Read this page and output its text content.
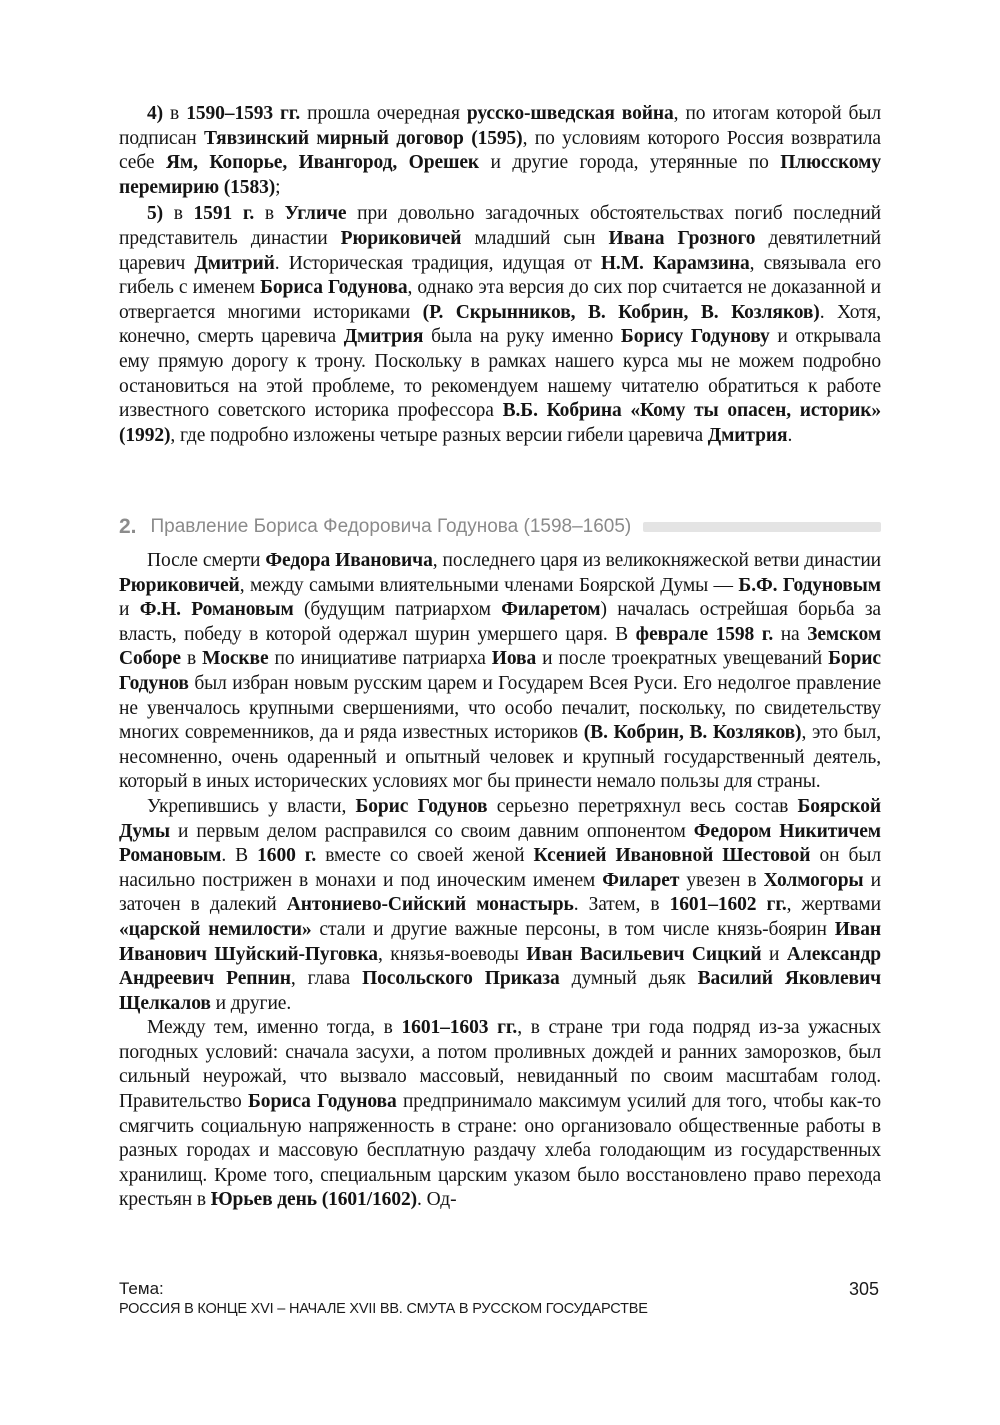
4) в 1590–1593 гг. прошла очередная русско-шведская война, по итогам которой был подписан Тявзинский мирный договор (1595), по условиям которого Россия возвратила себе Ям, Копорье, Ивангород, Орешек и другие города, утерянные по Плюсскому перемирию (1583);

5) в 1591 г. в Угличе при довольно загадочных обстоятельствах погиб последний представитель династии Рюриковичей младший сын Ивана Грозного девятилетний царевич Дмитрий. Историческая традиция, идущая от Н.М. Карамзина, связывала его гибель с именем Бориса Годунова, однако эта версия до сих пор считается не доказанной и отвергается многими историками (Р. Скрынников, В. Кобрин, В. Козляков). Хотя, конечно, смерть царевича Дмитрия была на руку именно Борису Годунову и открывала ему прямую дорогу к трону. Поскольку в рамках нашего курса мы не можем подробно остановиться на этой проблеме, то рекомендуем нашему читателю обратиться к работе известного советского историка профессора В.Б. Кобрина «Кому ты опасен, историк» (1992), где подробно изложены четыре разных версии гибели царевича Дмитрия.

2. Правление Бориса Федоровича Годунова (1598–1605)

После смерти Федора Ивановича, последнего царя из великокняжеской ветви династии Рюриковичей, между самыми влиятельными членами Боярской Думы — Б.Ф. Годуновым и Ф.Н. Романовым (будущим патриархом Филаретом) началась острейшая борьба за власть, победу в которой одержал шурин умершего царя. В феврале 1598 г. на Земском Соборе в Москве по инициативе патриарха Иова и после троекратных увещеваний Борис Годунов был избран новым русским царем и Государем Всея Руси. Его недолгое правление не увенчалось крупными свершениями, что особо печалит, поскольку, по свидетельству многих современников, да и ряда известных историков (В. Кобрин, В. Козляков), это был, несомненно, очень одаренный и опытный человек и крупный государственный деятель, который в иных исторических условиях мог бы принести немало пользы для страны.

Укрепившись у власти, Борис Годунов серьезно перетряхнул весь состав Боярской Думы и первым делом расправился со своим давним оппонентом Федором Никитичем Романовым. В 1600 г. вместе со своей женой Ксенией Ивановной Шестовой он был насильно пострижен в монахи и под иноческим именем Филарет увезен в Холмогоры и заточен в далекий Антониево-Сийский монастырь. Затем, в 1601–1602 гг., жертвами «царской немилости» стали и другие важные персоны, в том числе князь-боярин Иван Иванович Шуйский-Пуговка, князья-воеводы Иван Васильевич Сицкий и Александр Андреевич Репнин, глава Посольского Приказа думный дьяк Василий Яковлевич Щелкалов и другие.

Между тем, именно тогда, в 1601–1603 гг., в стране три года подряд из-за ужасных погодных условий: сначала засухи, а потом проливных дождей и ранних заморозков, был сильный неурожай, что вызвало массовый, невиданный по своим масштабам голод. Правительство Бориса Годунова предпринимало максимум усилий для того, чтобы как-то смягчить социальную напряженность в стране: оно организовало общественные работы в разных городах и массовую бесплатную раздачу хлеба голодающим из государственных хранилищ. Кроме того, специальным царским указом было восстановлено право перехода крестьян в Юрьев день (1601/1602). Од-

Тема:
РОССИЯ В КОНЦЕ XVI – НАЧАЛЕ XVII ВВ. СМУТА В РУССКОМ ГОСУДАРСТВЕ
305
